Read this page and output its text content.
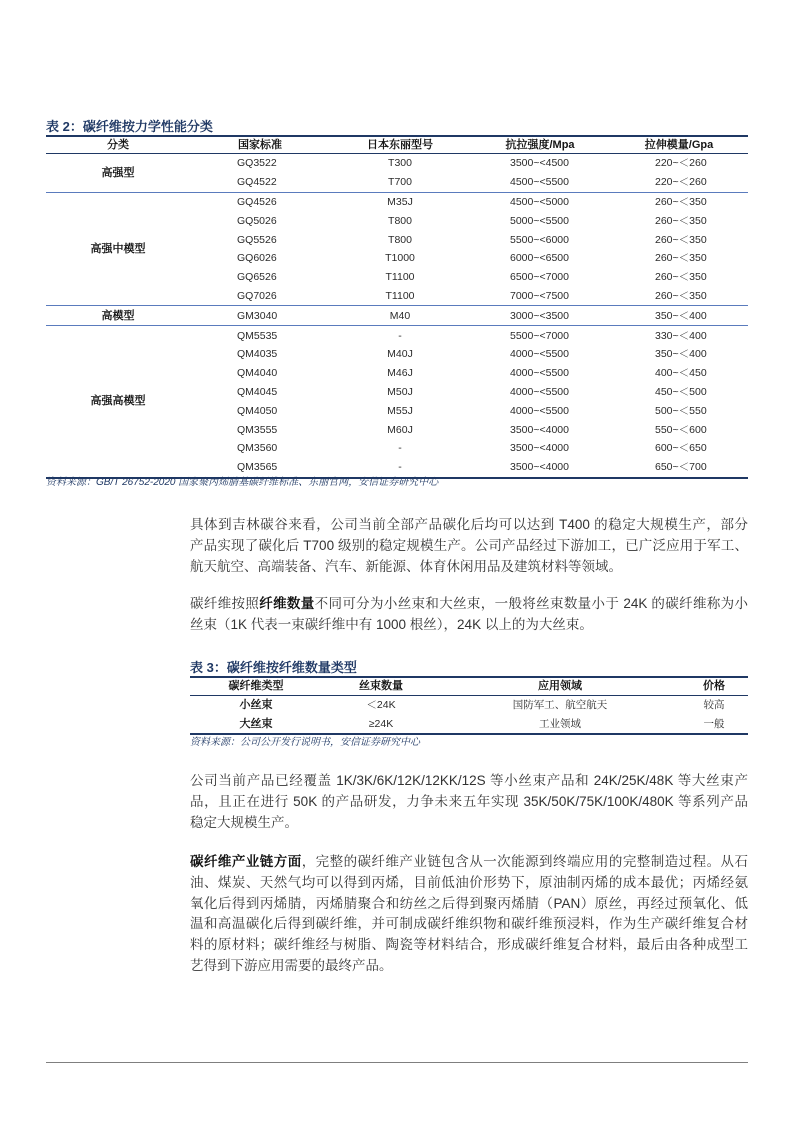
表 2：碳纤维按力学性能分类
分类	国家标准	日本东丽型号	抗拉强度/Mpa	拉伸模量/Gpa
高强型	GQ3522	T300	3500~<4500	220~＜260
	GQ4522	T700	4500~<5500	220~＜260
高强中模型	GQ4526	M35J	4500~<5000	260~＜350
	GQ5026	T800	5000~<5500	260~＜350
	GQ5526	T800	5500~<6000	260~＜350
	GQ6026	T1000	6000~<6500	260~＜350
	GQ6526	T1100	6500~<7000	260~＜350
	GQ7026	T1100	7000~<7500	260~＜350
高模型	GM3040	M40	3000~<3500	350~＜400
高强高模型	QM5535	-	5500~<7000	330~＜400
	QM4035	M40J	4000~<5500	350~＜400
	QM4040	M46J	4000~<5500	400~＜450
	QM4045	M50J	4000~<5500	450~＜500
	QM4050	M55J	4000~<5500	500~＜550
	QM3555	M60J	3500~<4000	550~＜600
	QM3560	-	3500~<4000	600~＜650
	QM3565	-	3500~<4000	650~＜700
资料来源：GB/T 26752-2020 国家聚丙烯腈基碳纤维标准、东丽官网，安信证券研究中心
具体到吉林碳谷来看，公司当前全部产品碳化后均可以达到 T400 的稳定大规模生产，部分
产品实现了碳化后 T700 级别的稳定规模生产。公司产品经过下游加工，已广泛应用于军工、
航天航空、高端装备、汽车、新能源、体育休闲用品及建筑材料等领域。
碳纤维按照纤维数量不同可分为小丝束和大丝束，一般将丝束数量小于 24K 的碳纤维称为小
丝束（1K 代表一束碳纤维中有 1000 根丝），24K 以上的为大丝束。
表 3：碳纤维按纤维数量类型
碳纤维类型	丝束数量	应用领域	价格
小丝束	＜24K	国防军工、航空航天	较高
大丝束	≥24K	工业领域	一般
资料来源：公司公开发行说明书，安信证券研究中心
公司当前产品已经覆盖 1K/3K/6K/12K/12KK/12S 等小丝束产品和 24K/25K/48K 等大丝束产
品，且正在进行 50K 的产品研发，力争未来五年实现 35K/50K/75K/100K/480K 等系列产品
稳定大规模生产。
碳纤维产业链方面，完整的碳纤维产业链包含从一次能源到终端应用的完整制造过程。从石
油、煤炭、天然气均可以得到丙烯，目前低油价形势下，原油制丙烯的成本最优；丙烯经氨
氧化后得到丙烯腈，丙烯腈聚合和纺丝之后得到聚丙烯腈（PAN）原丝，再经过预氧化、低
温和高温碳化后得到碳纤维，并可制成碳纤维织物和碳纤维预浸料，作为生产碳纤维复合材
料的原材料；碳纤维经与树脂、陶瓷等材料结合，形成碳纤维复合材料，最后由各种成型工
艺得到下游应用需要的最终产品。
